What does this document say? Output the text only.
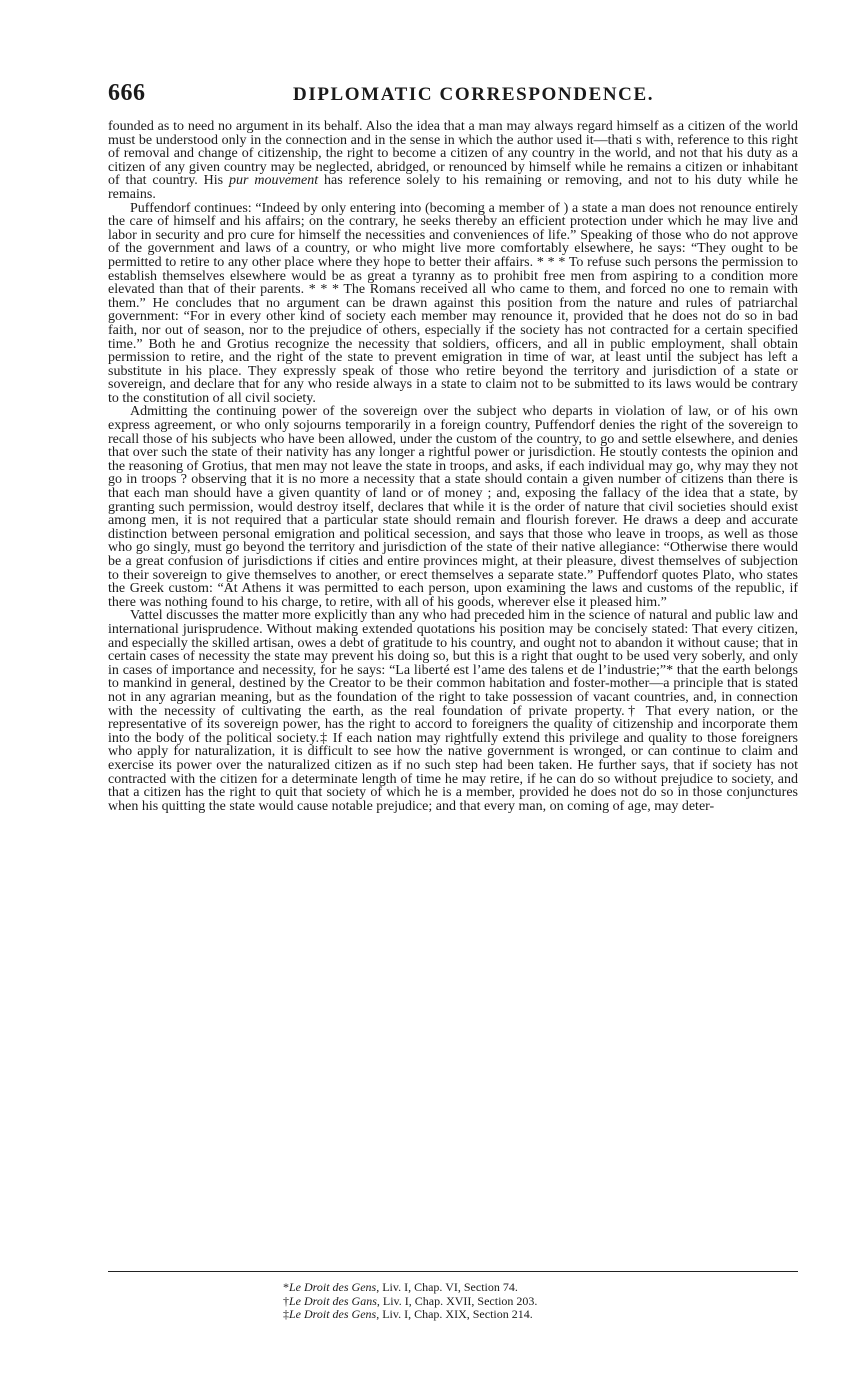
666	DIPLOMATIC CORRESPONDENCE.

founded as to need no argument in its behalf. Also the idea that a man may always regard himself as a citizen of the world must be understood only in the connection and in the sense in which the author used it—thati s with, reference to this right of removal and change of citizenship, the right to become a citizen of any country in the world, and not that his duty as a citizen of any given country may be neglected, abridged, or renounced by himself while he remains a citizen or inhabitant of that country. His pur mouvement has reference solely to his remaining or removing, and not to his duty while he remains.

Puffendorf continues: “Indeed by only entering into (becoming a member of ) a state a man does not renounce entirely the care of himself and his affairs; on the contrary, he seeks thereby an efficient protection under which he may live and labor in security and pro cure for himself the necessities and conveniences of life.” Speaking of those who do not approve of the government and laws of a country, or who might live more comfortably elsewhere, he says: “They ought to be permitted to retire to any other place where they hope to better their affairs. * * * To refuse such persons the permission to establish themselves elsewhere would be as great a tyranny as to prohibit free men from aspiring to a condition more elevated than that of their parents. * * * The Romans received all who came to them, and forced no one to remain with them.” He concludes that no argument can be drawn against this position from the nature and rules of patriarchal government: “For in every other kind of society each member may renounce it, provided that he does not do so in bad faith, nor out of season, nor to the prejudice of others, especially if the society has not contracted for a certain specified time.” Both he and Grotius recognize the necessity that soldiers, officers, and all in public employment, shall obtain permission to retire, and the right of the state to prevent emigration in time of war, at least until the subject has left a substitute in his place. They expressly speak of those who retire beyond the territory and jurisdiction of a state or sovereign, and declare that for any who reside always in a state to claim not to be submitted to its laws would be contrary to the constitution of all civil society.

Admitting the continuing power of the sovereign over the subject who departs in violation of law, or of his own express agreement, or who only sojourns temporarily in a foreign country, Puffendorf denies the right of the sovereign to recall those of his subjects who have been allowed, under the custom of the country, to go and settle elsewhere, and denies that over such the state of their nativity has any longer a rightful power or jurisdiction. He stoutly contests the opinion and the reasoning of Grotius, that men may not leave the state in troops, and asks, if each individual may go, why may they not go in troops ? observing that it is no more a necessity that a state should contain a given number of citizens than there is that each man should have a given quantity of land or of money ; and, exposing the fallacy of the idea that a state, by granting such permission, would destroy itself, declares that while it is the order of nature that civil societies should exist among men, it is not required that a particular state should remain and flourish forever. He draws a deep and accurate distinction between personal emigration and political secession, and says that those who leave in troops, as well as those who go singly, must go beyond the territory and jurisdiction of the state of their native allegiance: “Otherwise there would be a great confusion of jurisdictions if cities and entire provinces might, at their pleasure, divest themselves of subjection to their sovereign to give themselves to another, or erect themselves a separate state.” Puffendorf quotes Plato, who states the Greek custom: “At Athens it was permitted to each person, upon examining the laws and customs of the republic, if there was nothing found to his charge, to retire, with all of his goods, wherever else it pleased him.”

Vattel discusses the matter more explicitly than any who had preceded him in the science of natural and public law and international jurisprudence. Without making extended quotations his position may be concisely stated: That every citizen, and especially the skilled artisan, owes a debt of gratitude to his country, and ought not to abandon it without cause; that in certain cases of necessity the state may prevent his doing so, but this is a right that ought to be used very soberly, and only in cases of importance and necessity, for he says: “La liberté est l’ame des talens et de l’industrie;”* that the earth belongs to mankind in general, destined by the Creator to be their common habitation and foster-mother—a principle that is stated not in any agrarian meaning, but as the foundation of the right to take possession of vacant countries, and, in connection with the necessity of cultivating the earth, as the real foundation of private property.† That every nation, or the representative of its sovereign power, has the right to accord to foreigners the quality of citizenship and incorporate them into the body of the political society.‡ If each nation may rightfully extend this privilege and quality to those foreigners who apply for naturalization, it is difficult to see how the native government is wronged, or can continue to claim and exercise its power over the naturalized citizen as if no such step had been taken. He further says, that if society has not contracted with the citizen for a determinate length of time he may retire, if he can do so without prejudice to society, and that a citizen has the right to quit that society of which he is a member, provided he does not do so in those conjunctures when his quitting the state would cause notable prejudice; and that every man, on coming of age, may deter-

*Le Droit des Gens, Liv. I, Chap. VI, Section 74.

†Le Droit des Gans, Liv. I, Chap. XVII, Section 203.

‡Le Droit des Gens, Liv. I, Chap. XIX, Section 214.
